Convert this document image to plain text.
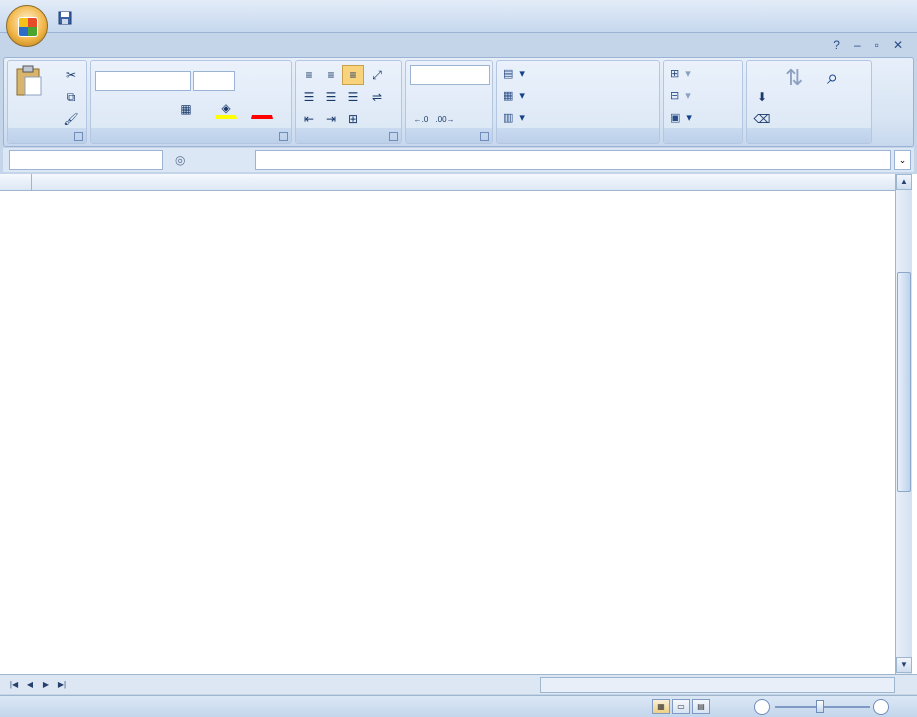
? – ▫ ✕
✂
⧉
🖌
▦	◈
≡	≡	≡	⤢
☰ ☰ ☰	⇌
⇤ ⇥ ⊞	←.0 .00→
▤ ▾
▦ ▾
▥ ▾
⊞ ▾
⊟ ▾
▣ ▾
⬇
⌫
⇅ ⌕
◎	⌄
▲
▼
|◀	◀	▶	▶|
▦	▭	▤
